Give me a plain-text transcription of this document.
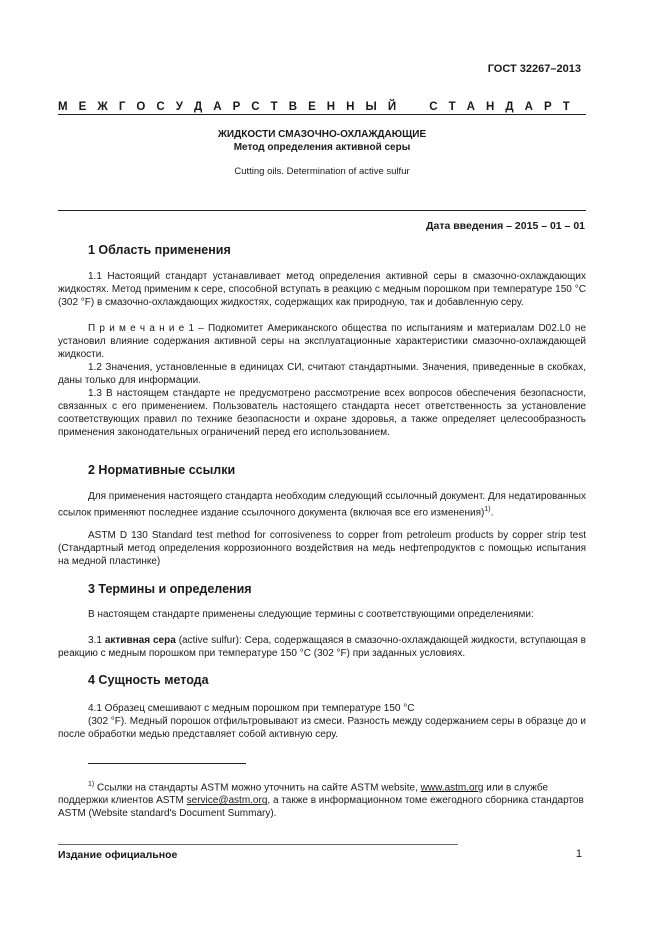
ГОСТ 32267–2013
М Е Ж Г О С У Д А Р С Т В Е Н Н Ы Й	С Т А Н Д А Р Т
ЖИДКОСТИ СМАЗОЧНО-ОХЛАЖДАЮЩИЕ
Метод определения активной серы
Cutting oils. Determination of active sulfur
Дата введения – 2015 – 01 – 01
1 Область применения
1.1 Настоящий стандарт устанавливает метод определения активной серы в смазочно-охлаждающих жидкостях. Метод применим к сере, способной вступать в реакцию с медным порошком при температуре 150 °С (302 °F) в смазочно-охлаждающих жидкостях, содержащих как природную, так и добавленную серу.
П р и м е ч а н и е 1 – Подкомитет Американского общества по испытаниям и материалам D02.L0 не установил влияние содержания активной серы на эксплуатационные характеристики смазочно-охлаждающей жидкости.
1.2 Значения, установленные в единицах СИ, считают стандартными. Значения, приведенные в скобках, даны только для информации.
1.3 В настоящем стандарте не предусмотрено рассмотрение всех вопросов обеспечения безопасности, связанных с его применением. Пользователь настоящего стандарта несет ответственность за установление соответствующих правил по технике безопасности и охране здоровья, а также определяет целесообразность применения законодательных ограничений перед его использованием.
2 Нормативные ссылки
Для применения настоящего стандарта необходим следующий ссылочный документ. Для недатированных ссылок применяют последнее издание ссылочного документа (включая все его изменения)$^{1)}$.
ASTM D 130 Standard test method for corrosiveness to copper from petroleum products by copper strip test (Стандартный метод определения коррозионного воздействия на медь нефтепродуктов с помощью испытания на медной пластинке)
3 Термины и определения
В настоящем стандарте применены следующие термины с соответствующими определениями:
3.1 активная сера (active sulfur): Сера, содержащаяся в смазочно-охлаждающей жидкости, вступающая в реакцию с медным порошком при температуре 150 °С (302 °F) при заданных условиях.
4 Сущность метода
4.1 Образец смешивают с медным порошком при температуре 150 °С
(302 °F). Медный порошок отфильтровывают из смеси. Разность между содержанием серы в образце до и после обработки медью представляет собой активную серу.
$^{1)}$ Ссылки на стандарты ASTM можно уточнить на сайте ASTM website, www.astm.org или в службе поддержки клиентов ASTM service@astm.org, а также в информационном томе ежегодного сборника стандартов ASTM (Website standard's Document Summary).
Издание официальное	1
